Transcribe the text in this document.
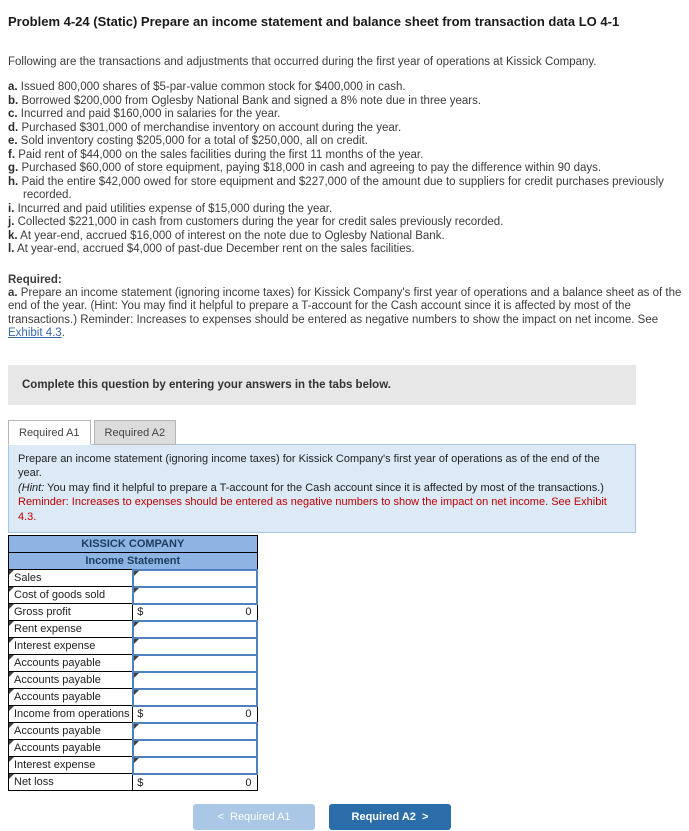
Problem 4-24 (Static) Prepare an income statement and balance sheet from transaction data LO 4-1

Following are the transactions and adjustments that occurred during the first year of operations at Kissick Company.

a. Issued 800,000 shares of $5-par-value common stock for $400,000 in cash.

b. Borrowed $200,000 from Oglesby National Bank and signed a 8% note due in three years.

c. Incurred and paid $160,000 in salaries for the year.

d. Purchased $301,000 of merchandise inventory on account during the year.

e. Sold inventory costing $205,000 for a total of $250,000, all on credit.

f. Paid rent of $44,000 on the sales facilities during the first 11 months of the year.

g. Purchased $60,000 of store equipment, paying $18,000 in cash and agreeing to pay the difference within 90 days.

h. Paid the entire $42,000 owed for store equipment and $227,000 of the amount due to suppliers for credit purchases previously recorded.

i. Incurred and paid utilities expense of $15,000 during the year.

j. Collected $221,000 in cash from customers during the year for credit sales previously recorded.

k. At year-end, accrued $16,000 of interest on the note due to Oglesby National Bank.

l. At year-end, accrued $4,000 of past-due December rent on the sales facilities.

Required:

a. Prepare an income statement (ignoring income taxes) for Kissick Company's first year of operations and a balance sheet as of the end of the year. (Hint: You may find it helpful to prepare a T-account for the Cash account since it is affected by most of the transactions.) Reminder: Increases to expenses should be entered as negative numbers to show the impact on net income. See Exhibit 4.3.

Complete this question by entering your answers in the tabs below.
Required A1	Required A2

Prepare an income statement (ignoring income taxes) for Kissick Company's first year of operations as of the end of the year.

(Hint: You may find it helpful to prepare a T-account for the Cash account since it is affected by most of the transactions.)

Reminder: Increases to expenses should be entered as negative numbers to show the impact on net income. See Exhibit 4.3.

KISSICK COMPANY	
Income Statement	
Sales	

Cost of goods sold	

Gross profit	$ 0

Rent expense	

Interest expense	

Accounts payable	

Accounts payable	

Accounts payable	

Income from operations	$ 0

Accounts payable	

Accounts payable	

Interest expense	

Net loss	$ 0
< Required A1	Required A2 >
